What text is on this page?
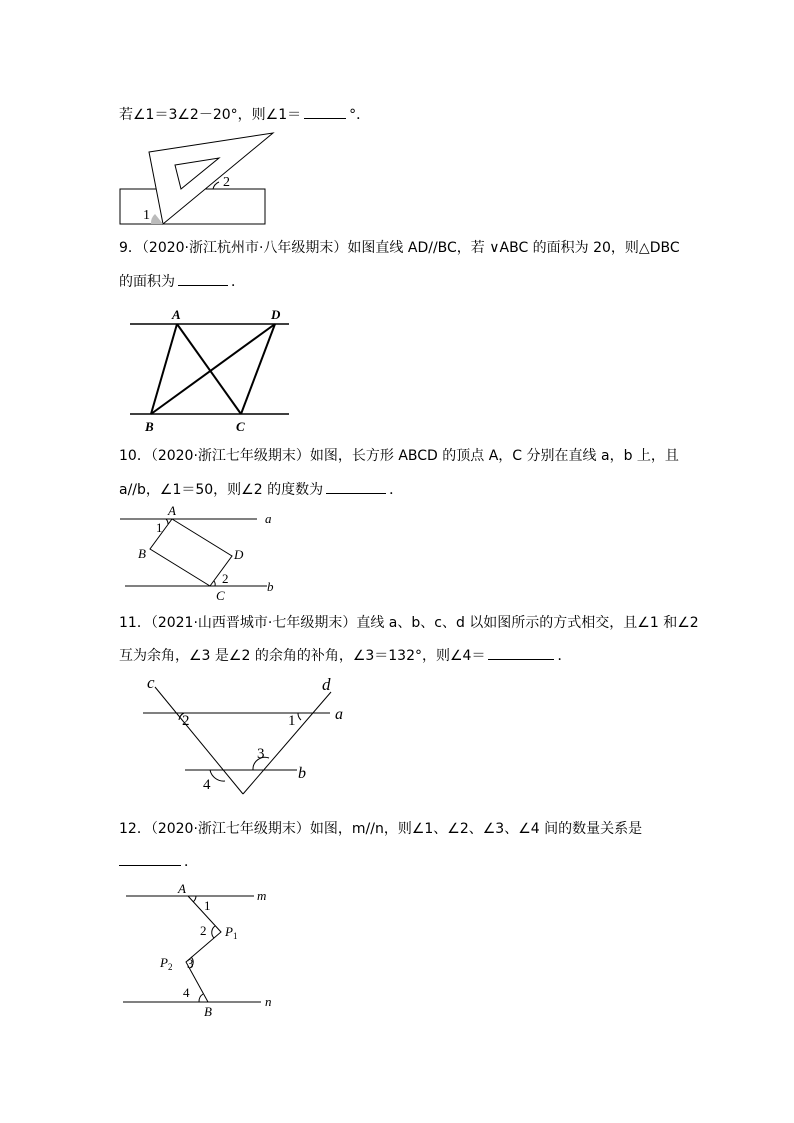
若∠1＝3∠2－20°，则∠1＝	°．
1
2
9．（2020·浙江杭州市·八年级期末）如图直线 AD//BC，若 ∨ABC 的面积为 20，则△DBC
的面积为	．
A	D
B	C
10．（2020·浙江七年级期末）如图，长方形 ABCD 的顶点 A，C 分别在直线 a，b 上，且
a//b，∠1＝50，则∠2 的度数为	．
A
1
a
B	D
2
b
C
11．（2021·山西晋城市·七年级期末）直线 a、b、c、d 以如图所示的方式相交，且∠1 和∠2
互为余角，∠3 是∠2 的余角的补角，∠3＝132°，则∠4＝	．
c	d
a
2	1
3
b
4
12．（2020·浙江七年级期末）如图，m//n，则∠1、∠2、∠3、∠4 间的数量关系是
．
A	m
1
2 $P_1$
$P_2$ 3
4
n
B
